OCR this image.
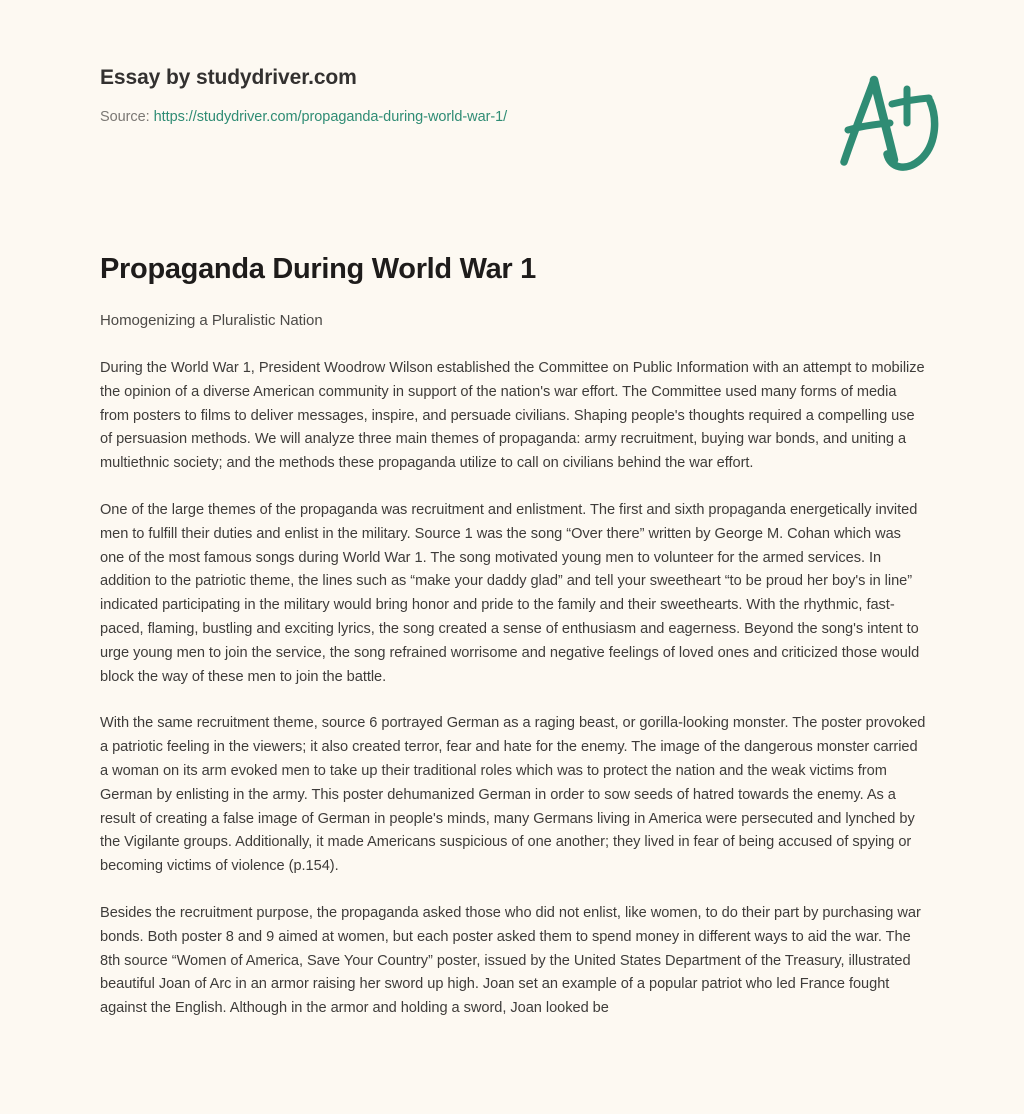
Essay by studydriver.com
Source: https://studydriver.com/propaganda-during-world-war-1/
Propaganda During World War 1
Homogenizing a Pluralistic Nation

During the World War 1, President Woodrow Wilson established the Committee on Public Information with an attempt to mobilize the opinion of a diverse American community in support of the nation's war effort. The Committee used many forms of media from posters to films to deliver messages, inspire, and persuade civilians. Shaping people's thoughts required a compelling use of persuasion methods. We will analyze three main themes of propaganda: army recruitment, buying war bonds, and uniting a multiethnic society; and the methods these propaganda utilize to call on civilians behind the war effort.

One of the large themes of the propaganda was recruitment and enlistment. The first and sixth propaganda energetically invited men to fulfill their duties and enlist in the military. Source 1 was the song “Over there” written by George M. Cohan which was one of the most famous songs during World War 1. The song motivated young men to volunteer for the armed services. In addition to the patriotic theme, the lines such as “make your daddy glad” and tell your sweetheart “to be proud her boy's in line” indicated participating in the military would bring honor and pride to the family and their sweethearts. With the rhythmic, fast-paced, flaming, bustling and exciting lyrics, the song created a sense of enthusiasm and eagerness. Beyond the song's intent to urge young men to join the service, the song refrained worrisome and negative feelings of loved ones and criticized those would block the way of these men to join the battle.

With the same recruitment theme, source 6 portrayed German as a raging beast, or gorilla-looking monster. The poster provoked a patriotic feeling in the viewers; it also created terror, fear and hate for the enemy. The image of the dangerous monster carried a woman on its arm evoked men to take up their traditional roles which was to protect the nation and the weak victims from German by enlisting in the army. This poster dehumanized German in order to sow seeds of hatred towards the enemy. As a result of creating a false image of German in people's minds, many Germans living in America were persecuted and lynched by the Vigilante groups. Additionally, it made Americans suspicious of one another; they lived in fear of being accused of spying or becoming victims of violence (p.154).

Besides the recruitment purpose, the propaganda asked those who did not enlist, like women, to do their part by purchasing war bonds. Both poster 8 and 9 aimed at women, but each poster asked them to spend money in different ways to aid the war. The 8th source “Women of America, Save Your Country” poster, issued by the United States Department of the Treasury, illustrated beautiful Joan of Arc in an armor raising her sword up high. Joan set an example of a popular patriot who led France fought against the English. Although in the armor and holding a sword, Joan looked be
